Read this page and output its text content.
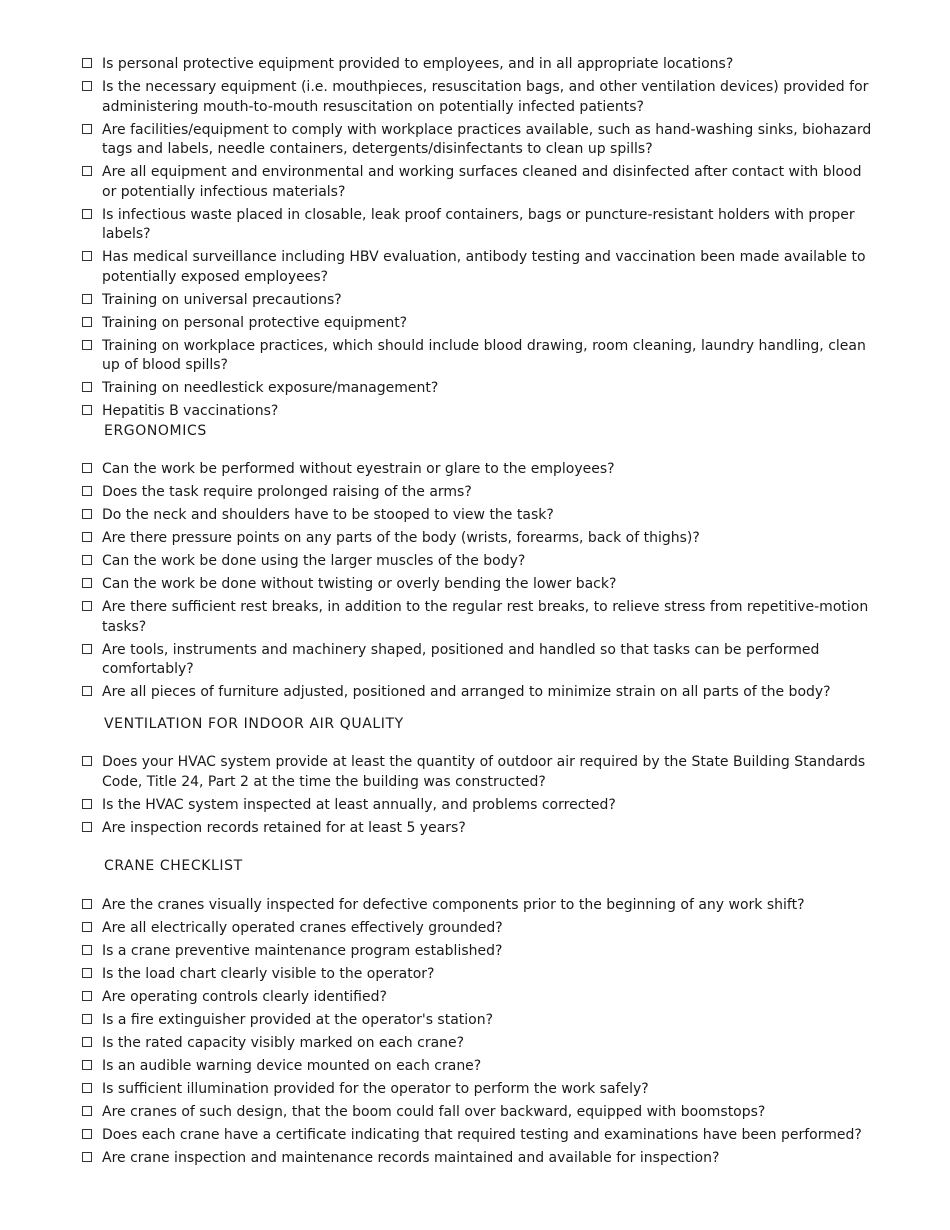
Is personal protective equipment provided to employees, and in all appropriate locations?
Is the necessary equipment (i.e. mouthpieces, resuscitation bags, and other ventilation devices) provided for administering mouth-to-mouth resuscitation on potentially infected patients?
Are facilities/equipment to comply with workplace practices available, such as hand-washing sinks, biohazard tags and labels, needle containers, detergents/disinfectants to clean up spills?
Are all equipment and environmental and working surfaces cleaned and disinfected after contact with blood or potentially infectious materials?
Is infectious waste placed in closable, leak proof containers, bags or puncture-resistant holders with proper labels?
Has medical surveillance including HBV evaluation, antibody testing and vaccination been made available to potentially exposed employees?
Training on universal precautions?
Training on personal protective equipment?
Training on workplace practices, which should include blood drawing, room cleaning, laundry handling, clean up of blood spills?
Training on needlestick exposure/management?
Hepatitis B vaccinations?
ERGONOMICS
Can the work be performed without eyestrain or glare to the employees?
Does the task require prolonged raising of the arms?
Do the neck and shoulders have to be stooped to view the task?
Are there pressure points on any parts of the body (wrists, forearms, back of thighs)?
Can the work be done using the larger muscles of the body?
Can the work be done without twisting or overly bending the lower back?
Are there sufficient rest breaks, in addition to the regular rest breaks, to relieve stress from repetitive-motion tasks?
Are tools, instruments and machinery shaped, positioned and handled so that tasks can be performed comfortably?
Are all pieces of furniture adjusted, positioned and arranged to minimize strain on all parts of the body?
VENTILATION FOR INDOOR AIR QUALITY
Does your HVAC system provide at least the quantity of outdoor air required by the State Building Standards Code, Title 24, Part 2 at the time the building was constructed?
Is the HVAC system inspected at least annually, and problems corrected?
Are inspection records retained for at least 5 years?
CRANE CHECKLIST
Are the cranes visually inspected for defective components prior to the beginning of any work shift?
Are all electrically operated cranes effectively grounded?
Is a crane preventive maintenance program established?
Is the load chart clearly visible to the operator?
Are operating controls clearly identified?
Is a fire extinguisher provided at the operator's station?
Is the rated capacity visibly marked on each crane?
Is an audible warning device mounted on each crane?
Is sufficient illumination provided for the operator to perform the work safely?
Are cranes of such design, that the boom could fall over backward, equipped with boomstops?
Does each crane have a certificate indicating that required testing and examinations have been performed?
Are crane inspection and maintenance records maintained and available for inspection?
